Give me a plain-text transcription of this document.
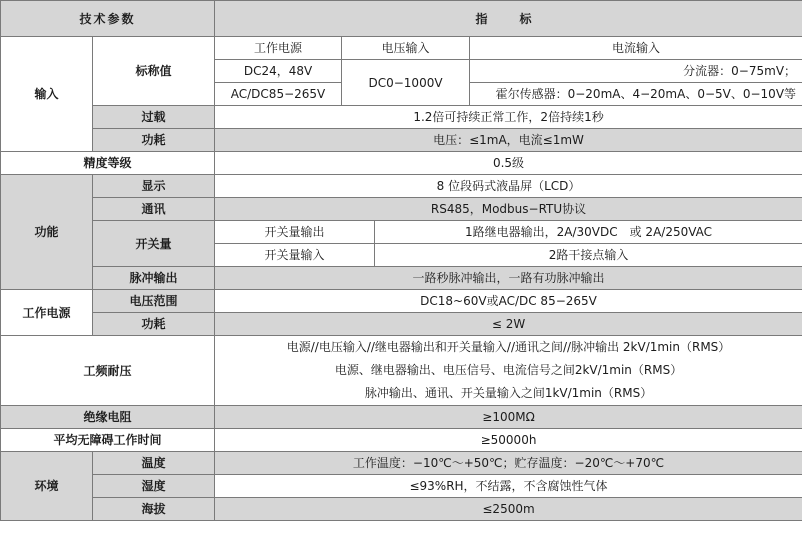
技术参数		指　标			
输入	标称值	工作电源	电压输入		电流输入
		DC24，48V	DC0−1000V		分流器：0−75mV；
		AC/DC85−265V			霍尔传感器：0−20mA、4−20mA、0−5V、0−10V等
	过载	1.2倍可持续正常工作，2倍持续1秒			
	功耗	电压：≤1mA，电流≤1mW			
精度等级		0.5级			
功能	显示	8 位段码式液晶屏（LCD）			
	通讯	RS485，Modbus−RTU协议			
	开关量	开关量输出		1路继电器输出，2A/30VDC　或 2A/250VAC	
		开关量输入		2路干接点输入	
	脉冲输出	一路秒脉冲输出，一路有功脉冲输出			
工作电源	电压范围	DC18~60V或AC/DC 85−265V			
	功耗	≤ 2W			
工频耐压		电源//电压输入//继电器输出和开关量输入//通讯之间//脉冲输出 2kV/1min（RMS）
电源、继电器输出、电压信号、电流信号之间2kV/1min（RMS）
脉冲输出、通讯、开关量输入之间1kV/1min（RMS）			

绝缘电阻		≥100MΩ			
平均无障碍工作时间		≥50000h			
环境	温度	工作温度：−10℃～+50℃；贮存温度：−20℃～+70℃			
	湿度	≤93%RH，不结露，不含腐蚀性气体			
	海拔	≤2500m			
